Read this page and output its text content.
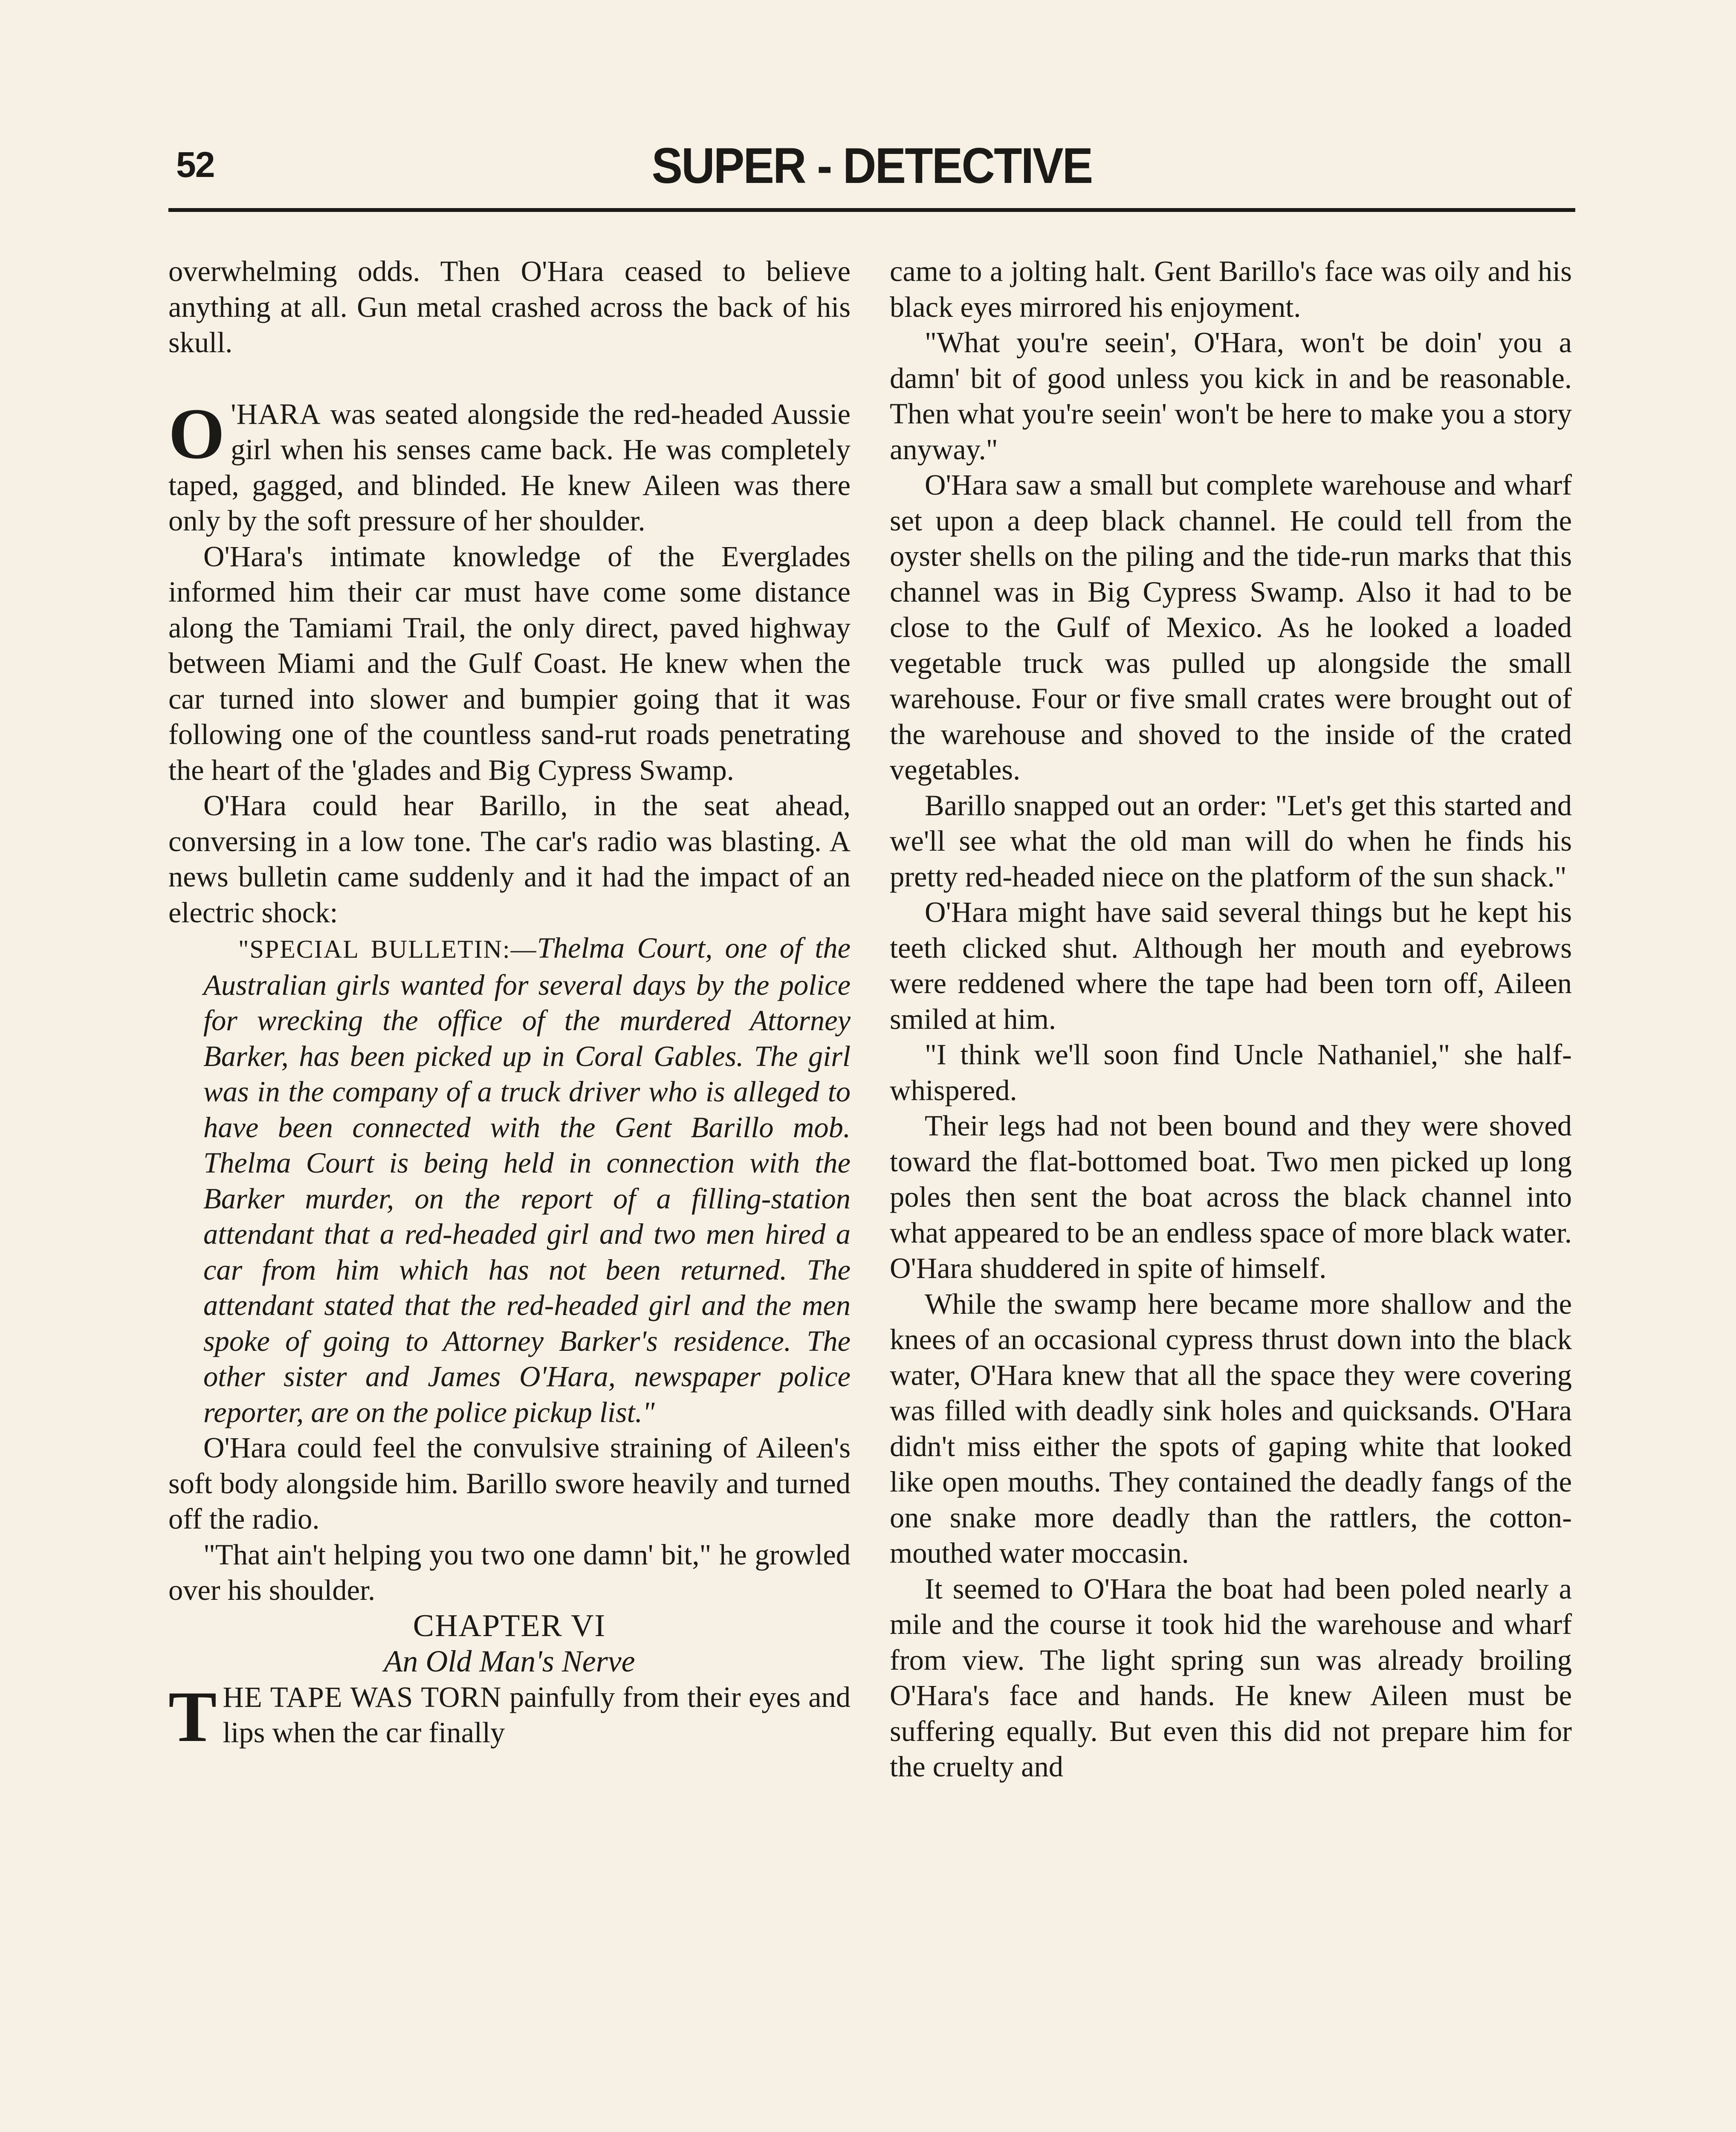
52	SUPER - DETECTIVE

overwhelming odds. Then O'Hara ceased to believe anything at all. Gun metal crashed across the back of his skull.

O 'HARA was seated alongside the red-headed Aussie girl when his senses came back. He was completely taped, gagged, and blinded. He knew Aileen was there only by the soft pressure of her shoulder.

O'Hara's intimate knowledge of the Everglades informed him their car must have come some distance along the Tamiami Trail, the only direct, paved highway between Miami and the Gulf Coast. He knew when the car turned into slower and bumpier going that it was following one of the countless sand-rut roads penetrating the heart of the 'glades and Big Cypress Swamp.

O'Hara could hear Barillo, in the seat ahead, conversing in a low tone. The car's radio was blasting. A news bulletin came suddenly and it had the impact of an electric shock:

"SPECIAL BULLETIN:—Thelma Court, one of the Australian girls wanted for several days by the police for wrecking the office of the murdered Attorney Barker, has been picked up in Coral Gables. The girl was in the company of a truck driver who is alleged to have been connected with the Gent Barillo mob. Thelma Court is being held in connection with the Barker murder, on the report of a filling-station attendant that a red-headed girl and two men hired a car from him which has not been returned. The attendant stated that the red-headed girl and the men spoke of going to Attorney Barker's residence. The other sister and James O'Hara, newspaper police reporter, are on the police pickup list."

O'Hara could feel the convulsive straining of Aileen's soft body alongside him. Barillo swore heavily and turned off the radio.

"That ain't helping you two one damn' bit," he growled over his shoulder.

CHAPTER VI

An Old Man's Nerve

THE TAPE WAS TORN painfully from their eyes and lips when the car finally

came to a jolting halt. Gent Barillo's face was oily and his black eyes mirrored his enjoyment.

"What you're seein', O'Hara, won't be doin' you a damn' bit of good unless you kick in and be reasonable. Then what you're seein' won't be here to make you a story anyway."

O'Hara saw a small but complete warehouse and wharf set upon a deep black channel. He could tell from the oyster shells on the piling and the tide-run marks that this channel was in Big Cypress Swamp. Also it had to be close to the Gulf of Mexico. As he looked a loaded vegetable truck was pulled up alongside the small warehouse. Four or five small crates were brought out of the warehouse and shoved to the inside of the crated vegetables.

Barillo snapped out an order: "Let's get this started and we'll see what the old man will do when he finds his pretty red-headed niece on the platform of the sun shack."

O'Hara might have said several things but he kept his teeth clicked shut. Although her mouth and eyebrows were reddened where the tape had been torn off, Aileen smiled at him.

"I think we'll soon find Uncle Nathaniel," she half-whispered.

Their legs had not been bound and they were shoved toward the flat-bottomed boat. Two men picked up long poles then sent the boat across the black channel into what appeared to be an endless space of more black water. O'Hara shuddered in spite of himself.

While the swamp here became more shallow and the knees of an occasional cypress thrust down into the black water, O'Hara knew that all the space they were covering was filled with deadly sink holes and quicksands. O'Hara didn't miss either the spots of gaping white that looked like open mouths. They contained the deadly fangs of the one snake more deadly than the rattlers, the cotton-mouthed water moccasin.

It seemed to O'Hara the boat had been poled nearly a mile and the course it took hid the warehouse and wharf from view. The light spring sun was already broiling O'Hara's face and hands. He knew Aileen must be suffering equally. But even this did not prepare him for the cruelty and
